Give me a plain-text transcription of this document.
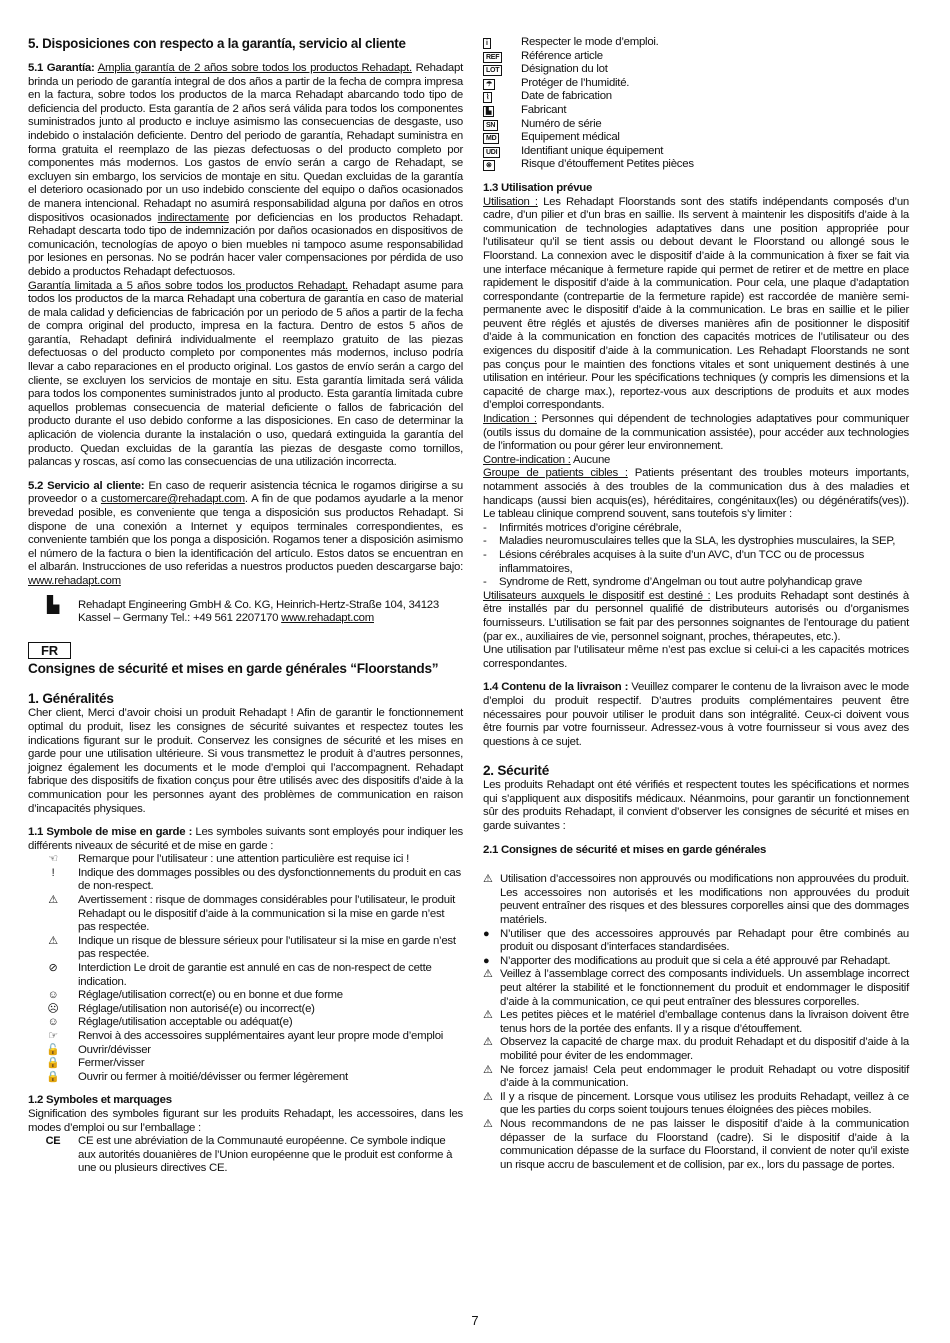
5. Disposiciones con respecto a la garantía, servicio al cliente

5.1 Garantía: Amplia garantía de 2 años sobre todos los productos Rehadapt. Rehadapt brinda un periodo de garantía integral de dos años a partir de la fecha de compra impresa en la factura, sobre todos los productos de la marca Rehadapt abarcando todo tipo de deficiencia del producto. Esta garantía de 2 años será válida para todos los componentes suministrados junto al producto e incluye asimismo las consecuencias de desgaste, uso indebido o instalación deficiente. Dentro del periodo de garantía, Rehadapt suministra en forma gratuita el reemplazo de las piezas defectuosas o del producto completo por componentes más modernos. Los gastos de envío serán a cargo de Rehadapt, se excluyen sin embargo, los servicios de montaje en situ. Quedan excluidas de la garantía el deterioro ocasionado por un uso indebido consciente del equipo o daños ocasionados de manera intencional. Rehadapt no asumirá responsabilidad alguna por daños en otros dispositivos ocasionados indirectamente por deficiencias en los productos Rehadapt. Rehadapt descarta todo tipo de indemnización por daños ocasionados en dispositivos de comunicación, tecnologías de apoyo o bien muebles ni tampoco asume responsabilidad por lesiones en personas. No se podrán hacer valer compensaciones por pérdida de uso debido a productos Rehadapt defectuosos.

Garantía limitada a 5 años sobre todos los productos Rehadapt. Rehadapt asume para todos los productos de la marca Rehadapt una cobertura de garantía en caso de material de mala calidad y deficiencias de fabricación por un periodo de 5 años a partir de la fecha de compra original del producto, impresa en la factura. Dentro de estos 5 años de garantía, Rehadapt definirá individualmente el reemplazo gratuito de las piezas defectuosas o del producto completo por componentes más modernos, incluso podría llevar a cabo reparaciones en el producto original. Los gastos de envío serán a cargo del cliente, se excluyen los servicios de montaje en situ. Esta garantía limitada será válida para todos los componentes suministrados junto al producto. Esta garantía limitada cubre aquellos problemas consecuencia de material deficiente o fallos de fabricación del producto durante el uso debido conforme a las disposiciones. En caso de determinar la aplicación de violencia durante la instalación o uso, quedará extinguida la garantía del producto. Quedan excluidas de la garantía las piezas de desgaste como tornillos, palancas y roscas, así como las consecuencias de una utilización incorrecta.

5.2 Servicio al cliente: En caso de requerir asistencia técnica le rogamos dirigirse a su proveedor o a customercare@rehadapt.com. A fin de que podamos ayudarle a la menor brevedad posible, es conveniente que tenga a disposición sus productos Rehadapt. Si dispone de una conexión a Internet y equipos terminales correspondientes, es conveniente también que los ponga a disposición. Rogamos tener a disposición asimismo el número de la factura o bien la identificación del artículo. Estos datos se encuentran en el albarán. Instrucciones de uso referidas a nuestros productos pueden descargarse bajo: www.rehadapt.com

▙	Rehadapt Engineering GmbH & Co. KG, Heinrich-Hertz-Straße 104, 34123 Kassel – Germany Tel.: +49 561 2207170 www.rehadapt.com

FR
Consignes de sécurité et mises en garde générales “Floorstands”
1. Généralités

Cher client, Merci d’avoir choisi un produit Rehadapt ! Afin de garantir le fonctionnement optimal du produit, lisez les consignes de sécurité suivantes et respectez toutes les indications figurant sur le produit. Conservez les consignes de sécurité et les mises en garde pour une utilisation ultérieure. Si vous transmettez le produit à d’autres personnes, joignez également les documents et le mode d’emploi qui l’accompagnent. Rehadapt fabrique des dispositifs de fixation conçus pour être utilisés avec des dispositifs d’aide à la communication pour les personnes ayant des problèmes de communication en raison d’incapacités physiques.

1.1 Symbole de mise en garde : Les symboles suivants sont employés pour indiquer les différents niveaux de sécurité et de mise en garde :

☜	Remarque pour l’utilisateur : une attention particulière est requise ici !
!	Indique des dommages possibles ou des dysfonctionnements du produit en cas de non-respect.
⚠	Avertissement : risque de dommages considérables pour l’utilisateur, le produit Rehadapt ou le dispositif d’aide à la communication si la mise en garde n’est pas respectée.
⚠	Indique un risque de blessure sérieux pour l’utilisateur si la mise en garde n’est pas respectée.
⊘	Interdiction Le droit de garantie est annulé en cas de non-respect de cette indication.
☺	Réglage/utilisation correct(e) ou en bonne et due forme
☹	Réglage/utilisation non autorisé(e) ou incorrect(e)
☺	Réglage/utilisation acceptable ou adéquat(e)
☞	Renvoi à des accessoires supplémentaires ayant leur propre mode d’emploi
🔓	Ouvrir/dévisser
🔒	Fermer/visser
🔒	Ouvrir ou fermer à moitié/dévisser ou fermer légèrement
1.2 Symboles et marquages

Signification des symboles figurant sur les produits Rehadapt, les accessoires, dans les modes d’emploi ou sur l’emballage :

CE	CE est une abréviation de la Communauté européenne. Ce symbole indique aux autorités douanières de l’Union européenne que le produit est conforme à une ou plusieurs directives CE.
i	Respecter le mode d’emploi.
REF	Référence article
LOT	Désignation du lot
☂	Protéger de l’humidité.
⌇	Date de fabrication
▙	Fabricant
SN	Numéro de série
MD	Equipement médical
UDI	Identifiant unique équipement
⊗	Risque d’étouffement Petites pièces
1.3 Utilisation prévue

Utilisation : Les Rehadapt Floorstands sont des statifs indépendants composés d’un cadre, d’un pilier et d’un bras en saillie. Ils servent à maintenir les dispositifs d’aide à la communication de technologies adaptatives dans une position appropriée pour l’utilisateur qu’il se tient assis ou debout devant le Floorstand ou allongé sous le Floorstand. La connexion avec le dispositif d’aide à la communication à fixer se fait via une interface mécanique à fermeture rapide qui permet de retirer et de mettre en place rapidement le dispositif d’aide à la communication. Pour cela, une plaque d’adaptation correspondante (contrepartie de la fermeture rapide) est raccordée de manière semi-permanente avec le dispositif d’aide à la communication. Le bras en saillie et le pilier peuvent être réglés et ajustés de diverses manières afin de positionner le dispositif d’aide à la communication en fonction des capacités motrices de l’utilisateur ou des exigences du dispositif d’aide à la communication. Les Rehadapt Floorstands ne sont pas conçus pour le maintien des fonctions vitales et sont uniquement destinés à une utilisation en intérieur. Pour les spécifications techniques (y compris les dimensions et la capacité de charge max.), reportez-vous aux descriptions de produits et aux modes d’emploi correspondants.

Indication : Personnes qui dépendent de technologies adaptatives pour communiquer (outils issus du domaine de la communication assistée), pour accéder aux technologies de l’information ou pour gérer leur environnement.

Contre-indication : Aucune

Groupe de patients cibles : Patients présentant des troubles moteurs importants, notamment associés à des troubles de la communication dus à des maladies et handicaps (aussi bien acquis(es), héréditaires, congénitaux(les) ou dégénératifs(ves)). Le tableau clinique comprend souvent, sans toutefois s’y limiter :

-	Infirmités motrices d’origine cérébrale,
-	Maladies neuromusculaires telles que la SLA, les dystrophies musculaires, la SEP,
-	Lésions cérébrales acquises à la suite d’un AVC, d’un TCC ou de processus inflammatoires,
-	Syndrome de Rett, syndrome d’Angelman ou tout autre polyhandicap grave

Utilisateurs auxquels le dispositif est destiné : Les produits Rehadapt sont destinés à être installés par du personnel qualifié de distributeurs autorisés ou d’organismes fournisseurs. L’utilisation se fait par des personnes soignantes de l’entourage du patient (par ex., auxiliaires de vie, personnel soignant, proches, thérapeutes, etc.).

Une utilisation par l’utilisateur même n’est pas exclue si celui-ci a les capacités motrices correspondantes.

1.4 Contenu de la livraison : Veuillez comparer le contenu de la livraison avec le mode d’emploi du produit respectif. D’autres produits complémentaires peuvent être nécessaires pour pouvoir utiliser le produit dans son intégralité. Ceux-ci doivent vous être fournis par votre fournisseur. Adressez-vous à votre fournisseur si vous avez des questions à ce sujet.

2. Sécurité

Les produits Rehadapt ont été vérifiés et respectent toutes les spécifications et normes qui s’appliquent aux dispositifs médicaux. Néanmoins, pour garantir un fonctionnement sûr des produits Rehadapt, il convient d’observer les consignes de sécurité et mises en garde suivantes :

2.1 Consignes de sécurité et mises en garde générales
⚠ Utilisation d’accessoires non approuvés ou modifications non approuvées du produit. Les accessoires non autorisés et les modifications non approuvées du produit peuvent entraîner des risques et des blessures corporelles ainsi que des dommages matériels.
● N’utiliser que des accessoires approuvés par Rehadapt pour être combinés au produit ou disposant d’interfaces standardisées.
● N’apporter des modifications au produit que si cela a été approuvé par Rehadapt.
⚠ Veillez à l’assemblage correct des composants individuels. Un assemblage incorrect peut altérer la stabilité et le fonctionnement du produit et endommager le dispositif d’aide à la communication, ce qui peut entraîner des blessures corporelles.
⚠ Les petites pièces et le matériel d’emballage contenus dans la livraison doivent être tenus hors de la portée des enfants. Il y a risque d’étouffement.
⚠ Observez la capacité de charge max. du produit Rehadapt et du dispositif d’aide à la mobilité pour éviter de les endommager.
⚠ Ne forcez jamais! Cela peut endommager le produit Rehadapt ou votre dispositif d’aide à la communication.
⚠ Il y a risque de pincement. Lorsque vous utilisez les produits Rehadapt, veillez à ce que les parties du corps soient toujours tenues éloignées des pièces mobiles.
⚠ Nous recommandons de ne pas laisser le dispositif d’aide à la communication dépasser de la surface du Floorstand (cadre). Si le dispositif d’aide à la communication dépasse de la surface du Floorstand, il convient de noter qu’il existe un risque accru de basculement et de collision, par ex., lors du passage de portes.
7
